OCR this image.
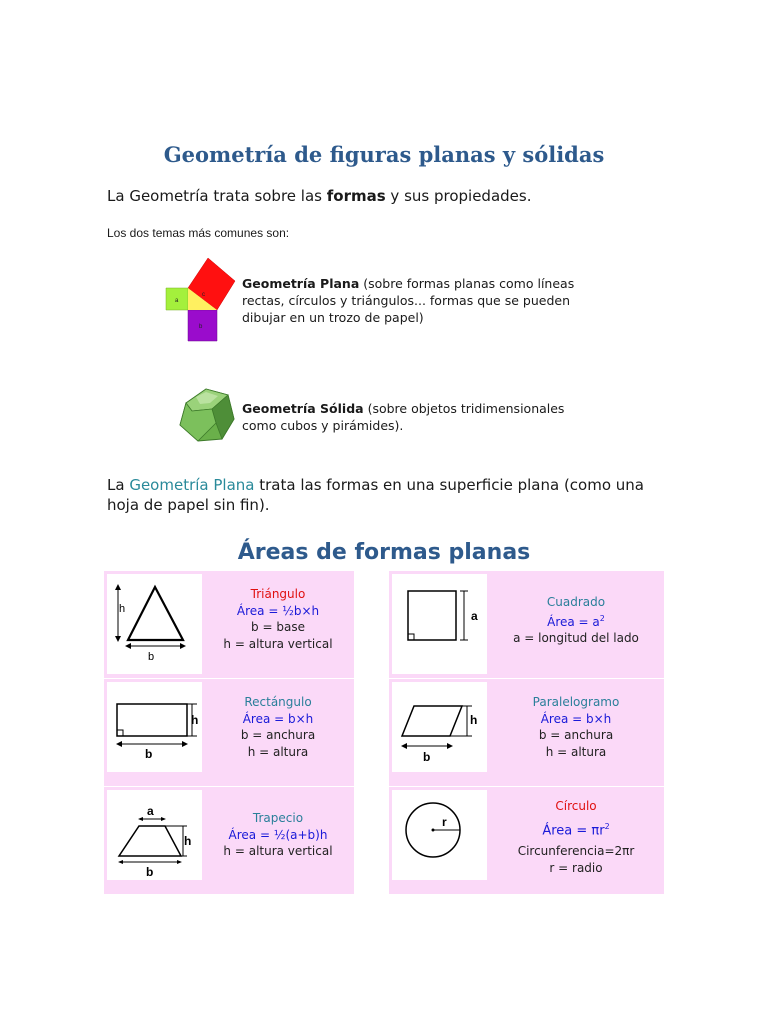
Geometría de figuras planas y sólidas
La Geometría trata sobre las formas y sus propiedades.
Los dos temas más comunes son:
a
b
c
Geometría Plana (sobre formas planas como líneas rectas, círculos y triángulos... formas que se pueden dibujar en un trozo de papel)
Geometría Sólida (sobre objetos tridimensionales como cubos y pirámides).
La Geometría Plana trata las formas en una superficie plana (como una hoja de papel sin fin).
Áreas de formas planas
h
b
Triángulo
Área = ½b×h
b = base
h = altura vertical
a
Cuadrado
Área = $a^2$
a = longitud del lado
h
b
Rectángulo
Área = b×h
b = anchura
h = altura
h
b
Paralelogramo
Área = b×h
b = anchura
h = altura
a
h
b
Trapecio
Área = ½(a+b)h
h = altura vertical
r
Círculo
Área = $\pi r^2$
Circunferencia=2πr
r = radio
